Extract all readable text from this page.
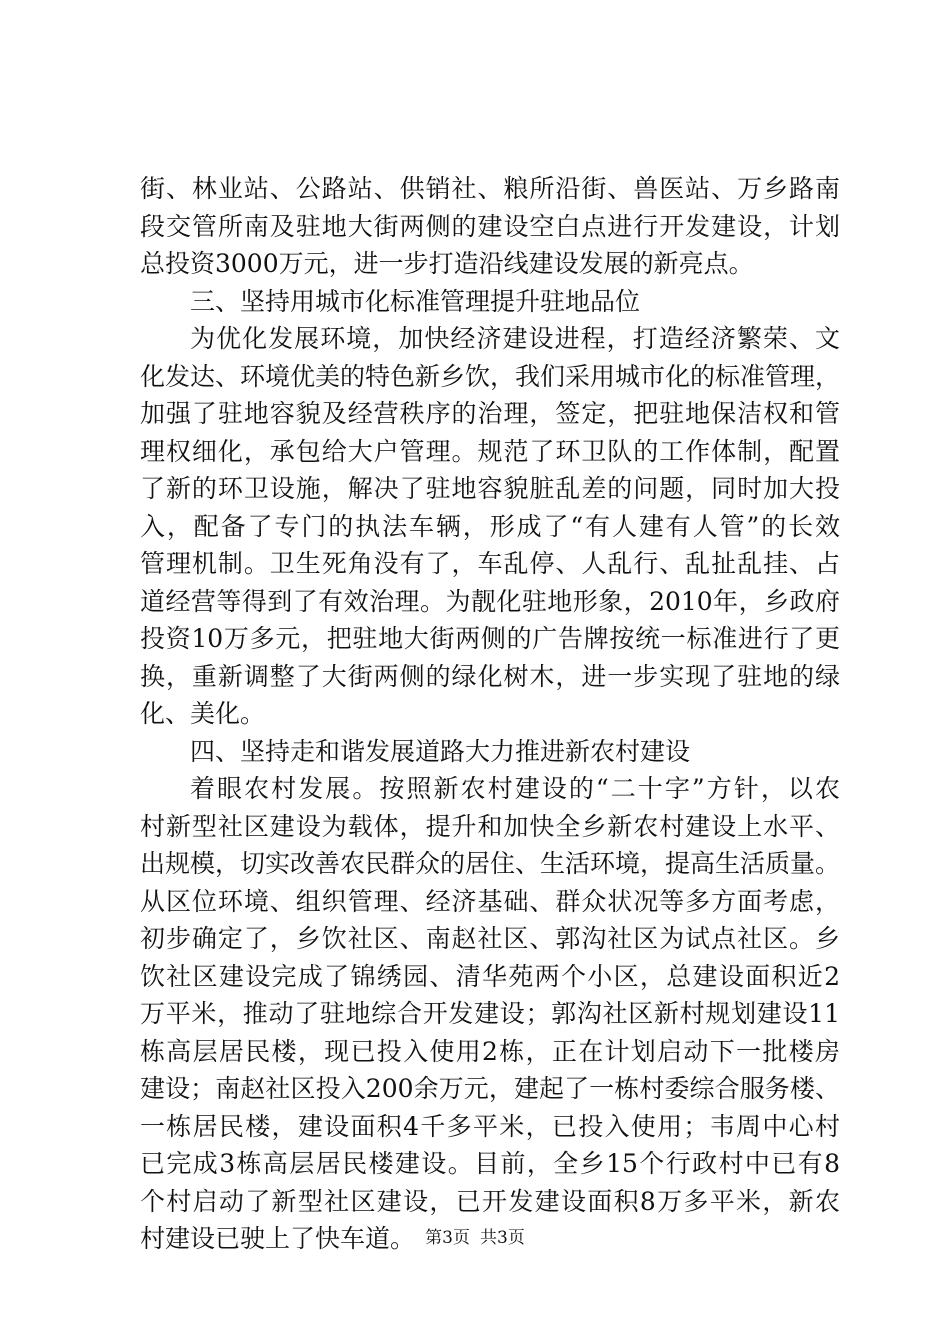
街、林业站、公路站、供销社、粮所沿街、兽医站、万乡路南
段交管所南及驻地大街两侧的建设空白点进行开发建设，计划
总投资3000万元，进一步打造沿线建设发展的新亮点。
三、坚持用城市化标准管理提升驻地品位
为优化发展环境，加快经济建设进程，打造经济繁荣、文
化发达、环境优美的特色新乡饮，我们采用城市化的标准管理，
加强了驻地容貌及经营秩序的治理，签定，把驻地保洁权和管
理权细化，承包给大户管理。规范了环卫队的工作体制，配置
了新的环卫设施，解决了驻地容貌脏乱差的问题，同时加大投
入，配备了专门的执法车辆，形成了“有人建有人管”的长效
管理机制。卫生死角没有了，车乱停、人乱行、乱扯乱挂、占
道经营等得到了有效治理。为靓化驻地形象，2010年，乡政府
投资10万多元，把驻地大街两侧的广告牌按统一标准进行了更
换，重新调整了大街两侧的绿化树木，进一步实现了驻地的绿
化、美化。
四、坚持走和谐发展道路大力推进新农村建设
着眼农村发展。按照新农村建设的“二十字”方针，以农
村新型社区建设为载体，提升和加快全乡新农村建设上水平、
出规模，切实改善农民群众的居住、生活环境，提高生活质量。
从区位环境、组织管理、经济基础、群众状况等多方面考虑，
初步确定了，乡饮社区、南赵社区、郭沟社区为试点社区。乡
饮社区建设完成了锦绣园、清华苑两个小区，总建设面积近2
万平米，推动了驻地综合开发建设；郭沟社区新村规划建设11
栋高层居民楼，现已投入使用2栋，正在计划启动下一批楼房
建设；南赵社区投入200余万元，建起了一栋村委综合服务楼、
一栋居民楼，建设面积4千多平米，已投入使用；韦周中心村
已完成3栋高层居民楼建设。目前，全乡15个行政村中已有8
个村启动了新型社区建设，已开发建设面积8万多平米，新农
村建设已驶上了快车道。 第3页 共3页
